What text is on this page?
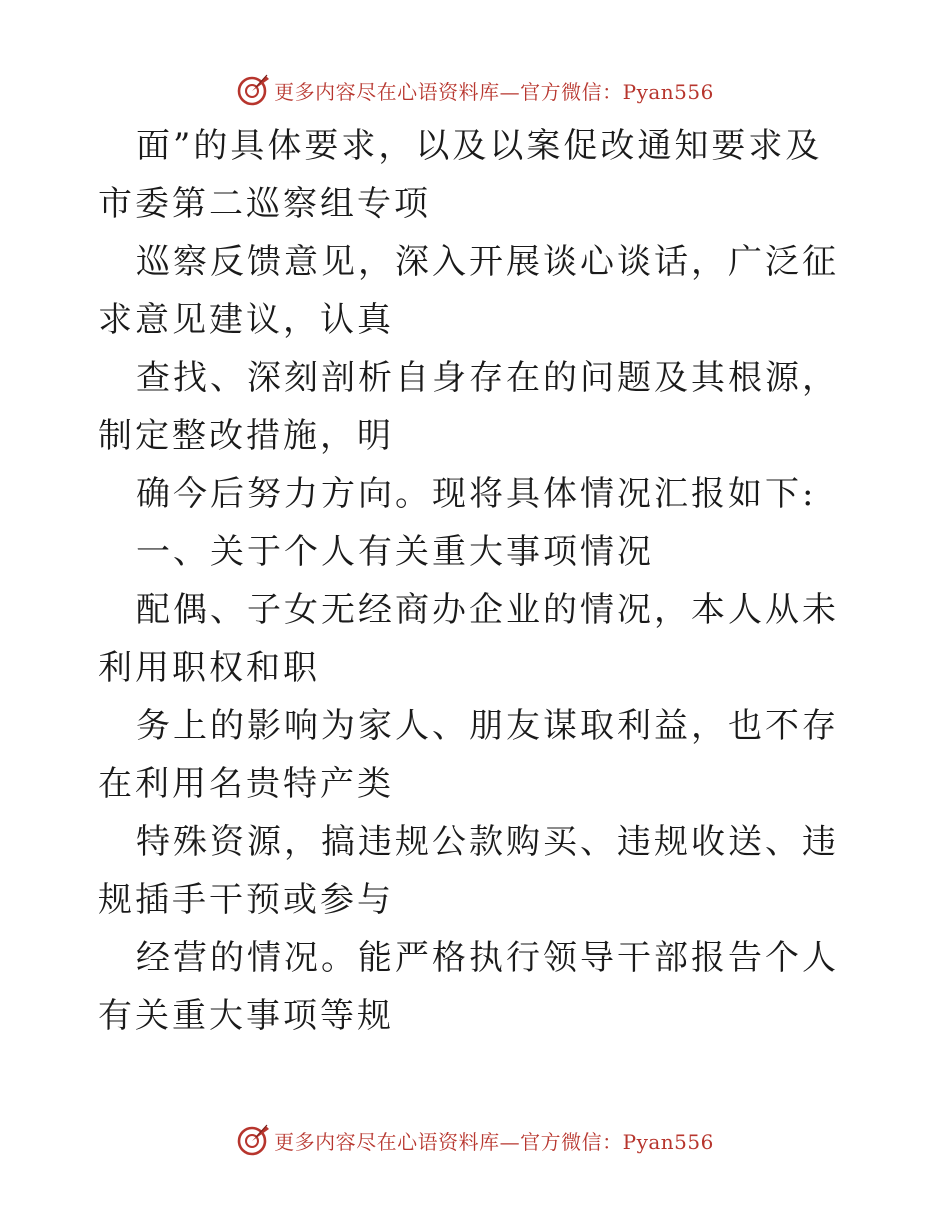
更多内容尽在心语资料库—官方微信：Pyan556

面”的具体要求，以及以案促改通知要求及市委第二巡察组专项

巡察反馈意见，深入开展谈心谈话，广泛征求意见建议，认真

查找、深刻剖析自身存在的问题及其根源，制定整改措施，明

确今后努力方向。现将具体情况汇报如下:

一、关于个人有关重大事项情况

配偶、子女无经商办企业的情况，本人从未利用职权和职

务上的影响为家人、朋友谋取利益，也不存在利用名贵特产类

特殊资源，搞违规公款购买、违规收送、违规插手干预或参与

经营的情况。能严格执行领导干部报告个人有关重大事项等规

更多内容尽在心语资料库—官方微信：Pyan556
